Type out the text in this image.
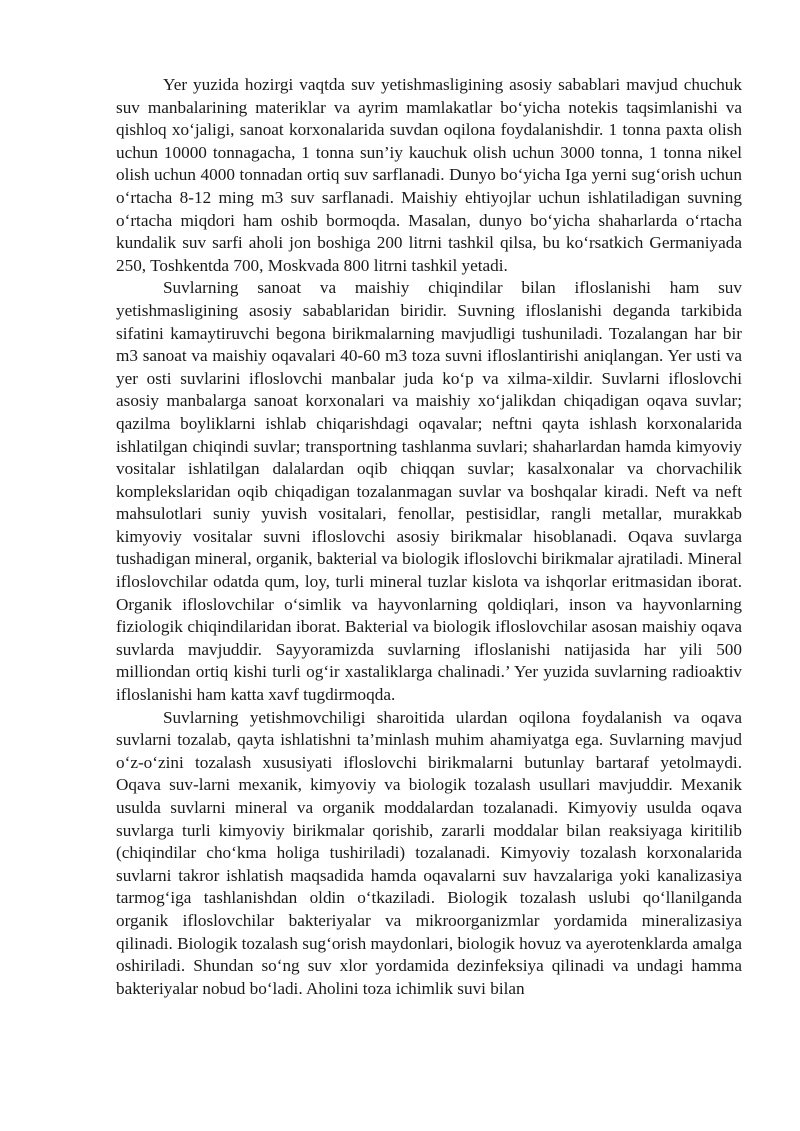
Yer yuzida hozirgi vaqtda suv yetishmasligining asosiy sabablari mavjud chuchuk suv manbalarining materiklar va ayrim mamlakatlar bo‘yicha notekis taqsimlanishi va qishloq xo‘jaligi, sanoat korxonalarida suvdan oqilona foydalanishdir. 1 tonna paxta olish uchun 10000 tonnagacha, 1 tonna sun’iy kauchuk olish uchun 3000 tonna, 1 tonna nikel olish uchun 4000 tonnadan ortiq suv sarflanadi. Dunyo bo‘yicha Iga yerni sug‘orish uchun o‘rtacha 8-12 ming m3 suv sarflanadi. Maishiy ehtiyojlar uchun ishlatiladigan suvning o‘rtacha miqdori ham oshib bormoqda. Masalan, dunyo bo‘yicha shaharlarda o‘rtacha kundalik suv sarfi aholi jon boshiga 200 litrni tashkil qilsa, bu ko‘rsatkich Germaniyada 250, Toshkentda 700, Moskvada 800 litrni tashkil yetadi.

Suvlarning sanoat va maishiy chiqindilar bilan ifloslanishi ham suv yetishmasligining asosiy sabablaridan biridir. Suvning ifloslanishi deganda tarkibida sifatini kamaytiruvchi begona birikmalarning mavjudligi tushuniladi. Tozalangan har bir m3 sanoat va maishiy oqavalari 40-60 m3 toza suvni ifloslantirishi aniqlangan. Yer usti va yer osti suvlarini ifloslovchi manbalar juda ko‘p va xilma-xildir. Suvlarni ifloslovchi asosiy manbalarga sanoat korxonalari va maishiy xo‘jalikdan chiqadigan oqava suvlar; qazilma boyliklarni ishlab chiqarishdagi oqavalar; neftni qayta ishlash korxonalarida ishlatilgan chiqindi suvlar; transportning tashlanma suvlari; shaharlardan hamda kimyoviy vositalar ishlatilgan dalalardan oqib chiqqan suvlar; kasalxonalar va chorvachilik komplekslaridan oqib chiqadigan tozalanmagan suvlar va boshqalar kiradi. Neft va neft mahsulotlari suniy yuvish vositalari, fenollar, pestisidlar, rangli metallar, murakkab kimyoviy vositalar suvni ifloslovchi asosiy birikmalar hisoblanadi. Oqava suvlarga tushadigan mineral, organik, bakterial va biologik ifloslovchi birikmalar ajratiladi. Mineral ifloslovchilar odatda qum, loy, turli mineral tuzlar kislota va ishqorlar eritmasidan iborat. Organik ifloslovchilar o‘simlik va hayvonlarning qoldiqlari, inson va hayvonlarning fiziologik chiqindilaridan iborat. Bakterial va biologik ifloslovchilar asosan maishiy oqava suvlarda mavjuddir. Sayyoramizda suvlarning ifloslanishi natijasida har yili 500 milliondan ortiq kishi turli og‘ir xastaliklarga chalinadi.’ Yer yuzida suvlarning radioaktiv ifloslanishi ham katta xavf tugdirmoqda.

Suvlarning yetishmovchiligi sharoitida ulardan oqilona foydalanish va oqava suvlarni tozalab, qayta ishlatishni ta’minlash muhim ahamiyatga ega. Suvlarning mavjud o‘z-o‘zini tozalash xususiyati ifloslovchi birikmalarni butunlay bartaraf yetolmaydi. Oqava suv-larni mexanik, kimyoviy va biologik tozalash usullari mavjuddir. Mexanik usulda suvlarni mineral va organik moddalardan tozalanadi. Kimyoviy usulda oqava suvlarga turli kimyoviy birikmalar qorishib, zararli moddalar bilan reaksiyaga kiritilib (chiqindilar cho‘kma holiga tushiriladi) tozalanadi. Kimyoviy tozalash korxonalarida suvlarni takror ishlatish maqsadida hamda oqavalarni suv havzalariga yoki kanalizasiya tarmog‘iga tashlanishdan oldin o‘tkaziladi. Biologik tozalash uslubi qo‘llanilganda organik ifloslovchilar bakteriyalar va mikroorganizmlar yordamida mineralizasiya qilinadi. Biologik tozalash sug‘orish maydonlari, biologik hovuz va ayerotenklarda amalga oshiriladi. Shundan so‘ng suv xlor yordamida dezinfeksiya qilinadi va undagi hamma bakteriyalar nobud bo‘ladi. Aholini toza ichimlik suvi bilan
